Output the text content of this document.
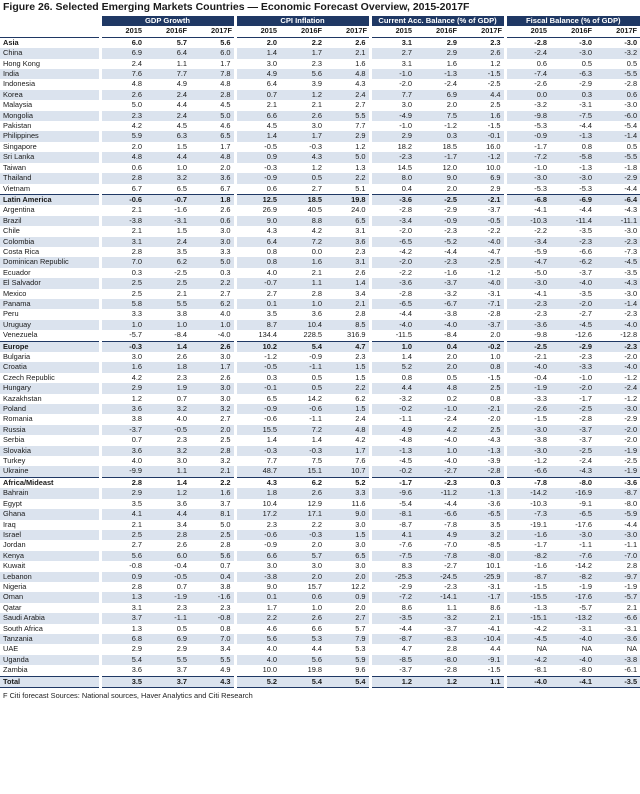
Figure 26. Selected Emerging Markets Countries — Economic Forecast Overview, 2015-2017F
	GDP Growth			CPI Inflation			Current Acc. Balance (% of GDP)			Fiscal Balance (% of GDP)		
	2015	2016F	2017F	2015	2016F	2017F	2015	2016F	2017F	2015	2016F	2017F
Asia	6.0	5.7	5.6	2.0	2.2	2.6	3.1	2.9	2.3	-2.8	-3.0	-3.0
China	6.9	6.4	6.0	1.4	1.7	2.1	2.7	2.9	2.6	-2.4	-3.0	-3.2
Hong Kong	2.4	1.1	1.7	3.0	2.3	1.6	3.1	1.6	1.2	0.6	0.5	0.5
India	7.6	7.7	7.8	4.9	5.6	4.8	-1.0	-1.3	-1.5	-7.4	-6.3	-5.5
Indonesia	4.8	4.9	4.8	6.4	3.9	4.3	-2.0	-2.4	-2.5	-2.6	-2.9	-2.8
Korea	2.6	2.4	2.8	0.7	1.2	2.4	7.7	6.9	4.4	0.0	0.3	0.6
Malaysia	5.0	4.4	4.5	2.1	2.1	2.7	3.0	2.0	2.5	-3.2	-3.1	-3.0
Mongolia	2.3	2.4	5.0	6.6	2.6	5.5	-4.9	7.5	1.6	-9.8	-7.5	-6.0
Pakistan	4.2	4.5	4.6	4.5	3.0	7.7	-1.0	-1.2	-1.5	-5.3	-4.4	-5.4
Philippines	5.9	6.3	6.5	1.4	1.7	2.9	2.9	0.3	-0.1	-0.9	-1.3	-1.4
Singapore	2.0	1.5	1.7	-0.5	-0.3	1.2	18.2	18.5	16.0	-1.7	0.8	0.5
Sri Lanka	4.8	4.4	4.8	0.9	4.3	5.0	-2.3	-1.7	-1.2	-7.2	-5.8	-5.5
Taiwan	0.6	1.0	2.0	-0.3	1.2	1.3	14.5	12.0	10.0	-1.0	-1.3	-1.8
Thailand	2.8	3.2	3.6	-0.9	0.5	2.2	8.0	9.0	6.9	-3.0	-3.0	-2.9
Vietnam	6.7	6.5	6.7	0.6	2.7	5.1	0.4	2.0	2.9	-5.3	-5.3	-4.4
Latin America	-0.6	-0.7	1.8	12.5	18.5	19.8	-3.6	-2.5	-2.1	-6.8	-6.9	-6.4
Argentina	2.1	-1.6	2.6	26.9	40.5	24.0	-2.8	-2.9	-3.7	-4.1	-4.4	-4.3
Brazil	-3.8	-3.1	0.6	9.0	8.8	6.5	-3.4	-0.9	-0.5	-10.3	-11.4	-11.1
Chile	2.1	1.5	3.0	4.3	4.2	3.1	-2.0	-2.3	-2.2	-2.2	-3.5	-3.0
Colombia	3.1	2.4	3.0	6.4	7.2	3.6	-6.5	-5.2	-4.0	-3.4	-2.3	-2.3
Costa Rica	2.8	3.5	3.3	0.8	0.0	2.3	-4.2	-4.4	-4.7	-5.9	-6.6	-7.3
Dominican Republic	7.0	6.2	5.0	0.8	1.6	3.1	-2.0	-2.3	-2.5	-4.7	-6.2	-4.5
Ecuador	0.3	-2.5	0.3	4.0	2.1	2.6	-2.2	-1.6	-1.2	-5.0	-3.7	-3.5
El Salvador	2.5	2.5	2.2	-0.7	1.1	1.4	-3.6	-3.7	-4.0	-3.0	-4.0	-4.3
Mexico	2.5	2.1	2.7	2.7	2.8	3.4	-2.8	-3.2	-3.1	-4.1	-3.5	-3.0
Panama	5.8	5.5	6.2	0.1	1.0	2.1	-6.5	-6.7	-7.1	-2.3	-2.0	-1.4
Peru	3.3	3.8	4.0	3.5	3.6	2.8	-4.4	-3.8	-2.8	-2.3	-2.7	-2.3
Uruguay	1.0	1.0	1.0	8.7	10.4	8.5	-4.0	-4.0	-3.7	-3.6	-4.5	-4.0
Venezuela	-5.7	-8.4	-4.0	134.4	228.5	316.9	-11.5	-8.4	2.0	-9.8	-12.6	-12.8
Europe	-0.3	1.4	2.6	10.2	5.4	4.7	1.0	0.4	-0.2	-2.5	-2.9	-2.3
Bulgaria	3.0	2.6	3.0	-1.2	-0.9	2.3	1.4	2.0	1.0	-2.1	-2.3	-2.0
Croatia	1.6	1.8	1.7	-0.5	-1.1	1.5	5.2	2.0	0.8	-4.0	-3.3	-4.0
Czech Republic	4.2	2.3	2.6	0.3	0.5	1.5	0.8	0.5	-1.5	-0.4	-1.0	-1.2
Hungary	2.9	1.9	3.0	-0.1	0.5	2.2	4.4	4.8	2.5	-1.9	-2.0	-2.4
Kazakhstan	1.2	0.7	3.0	6.5	14.2	6.2	-3.2	0.2	0.8	-3.3	-1.7	-1.2
Poland	3.6	3.2	3.2	-0.9	-0.6	1.5	-0.2	-1.0	-2.1	-2.6	-2.5	-3.0
Romania	3.8	4.0	2.7	-0.6	-1.1	2.4	-1.1	-2.4	-2.0	-1.5	-2.8	-2.9
Russia	-3.7	-0.5	2.0	15.5	7.2	4.8	4.9	4.2	2.5	-3.0	-3.7	-2.0
Serbia	0.7	2.3	2.5	1.4	1.4	4.2	-4.8	-4.0	-4.3	-3.8	-3.7	-2.0
Slovakia	3.6	3.2	2.8	-0.3	-0.3	1.7	-1.3	1.0	-1.3	-3.0	-2.5	-1.9
Turkey	4.0	3.0	3.2	7.7	7.5	7.6	-4.5	-4.0	-3.9	-1.2	-2.4	-2.5
Ukraine	-9.9	1.1	2.1	48.7	15.1	10.7	-0.2	-2.7	-2.8	-6.6	-4.3	-1.9
Africa/Mideast	2.8	1.4	2.2	4.3	6.2	5.2	-1.7	-2.3	0.3	-7.8	-8.0	-3.6
Bahrain	2.9	1.2	1.6	1.8	2.6	3.3	-9.6	-11.2	-1.3	-14.2	-16.9	-8.7
Egypt	3.5	3.6	3.7	10.4	12.9	11.6	-5.4	-4.4	-3.6	-10.3	-9.1	-8.0
Ghana	4.1	4.4	8.1	17.2	17.1	9.0	-8.1	-6.6	-6.5	-7.3	-6.5	-5.9
Iraq	2.1	3.4	5.0	2.3	2.2	3.0	-8.7	-7.8	3.5	-19.1	-17.6	-4.4
Israel	2.5	2.8	2.5	-0.6	-0.3	1.5	4.1	4.9	3.2	-1.6	-3.0	-3.0
Jordan	2.7	2.6	2.8	-0.9	2.0	3.0	-7.6	-7.0	-8.5	-1.7	-1.1	-1.1
Kenya	5.6	6.0	5.6	6.6	5.7	6.5	-7.5	-7.8	-8.0	-8.2	-7.6	-7.0
Kuwait	-0.8	-0.4	0.7	3.0	3.0	3.0	8.3	-2.7	10.1	-1.6	-14.2	2.8
Lebanon	0.9	-0.5	0.4	-3.8	2.0	2.0	-25.3	-24.5	-25.9	-8.7	-8.2	-9.7
Nigeria	2.8	0.7	3.8	9.0	15.7	12.2	-2.9	-2.3	-3.1	-1.5	-1.9	-1.9
Oman	1.3	-1.9	-1.6	0.1	0.6	0.9	-7.2	-14.1	-1.7	-15.5	-17.6	-5.7
Qatar	3.1	2.3	2.3	1.7	1.0	2.0	8.6	1.1	8.6	-1.3	-5.7	2.1
Saudi Arabia	3.7	-1.1	-0.8	2.2	2.6	2.7	-3.5	-3.2	2.1	-15.1	-13.2	-6.6
South Africa	1.3	0.5	0.8	4.6	6.6	5.7	-4.4	-3.7	-4.1	-4.2	-3.1	-3.1
Tanzania	6.8	6.9	7.0	5.6	5.3	7.9	-8.7	-8.3	-10.4	-4.5	-4.0	-3.6
UAE	2.9	2.9	3.4	4.0	4.4	5.3	4.7	2.8	4.4	NA	NA	NA
Uganda	5.4	5.5	5.5	4.0	5.6	5.9	-8.5	-8.0	-9.1	-4.2	-4.0	-3.8
Zambia	3.6	3.7	4.9	10.0	19.8	9.6	-3.7	-2.8	-1.5	-8.1	-8.0	-6.1
Total	3.5	3.7	4.3	5.2	5.4	5.4	1.2	1.2	1.1	-4.0	-4.1	-3.5
F Citi forecast Sources: National sources, Haver Analytics and Citi Research
